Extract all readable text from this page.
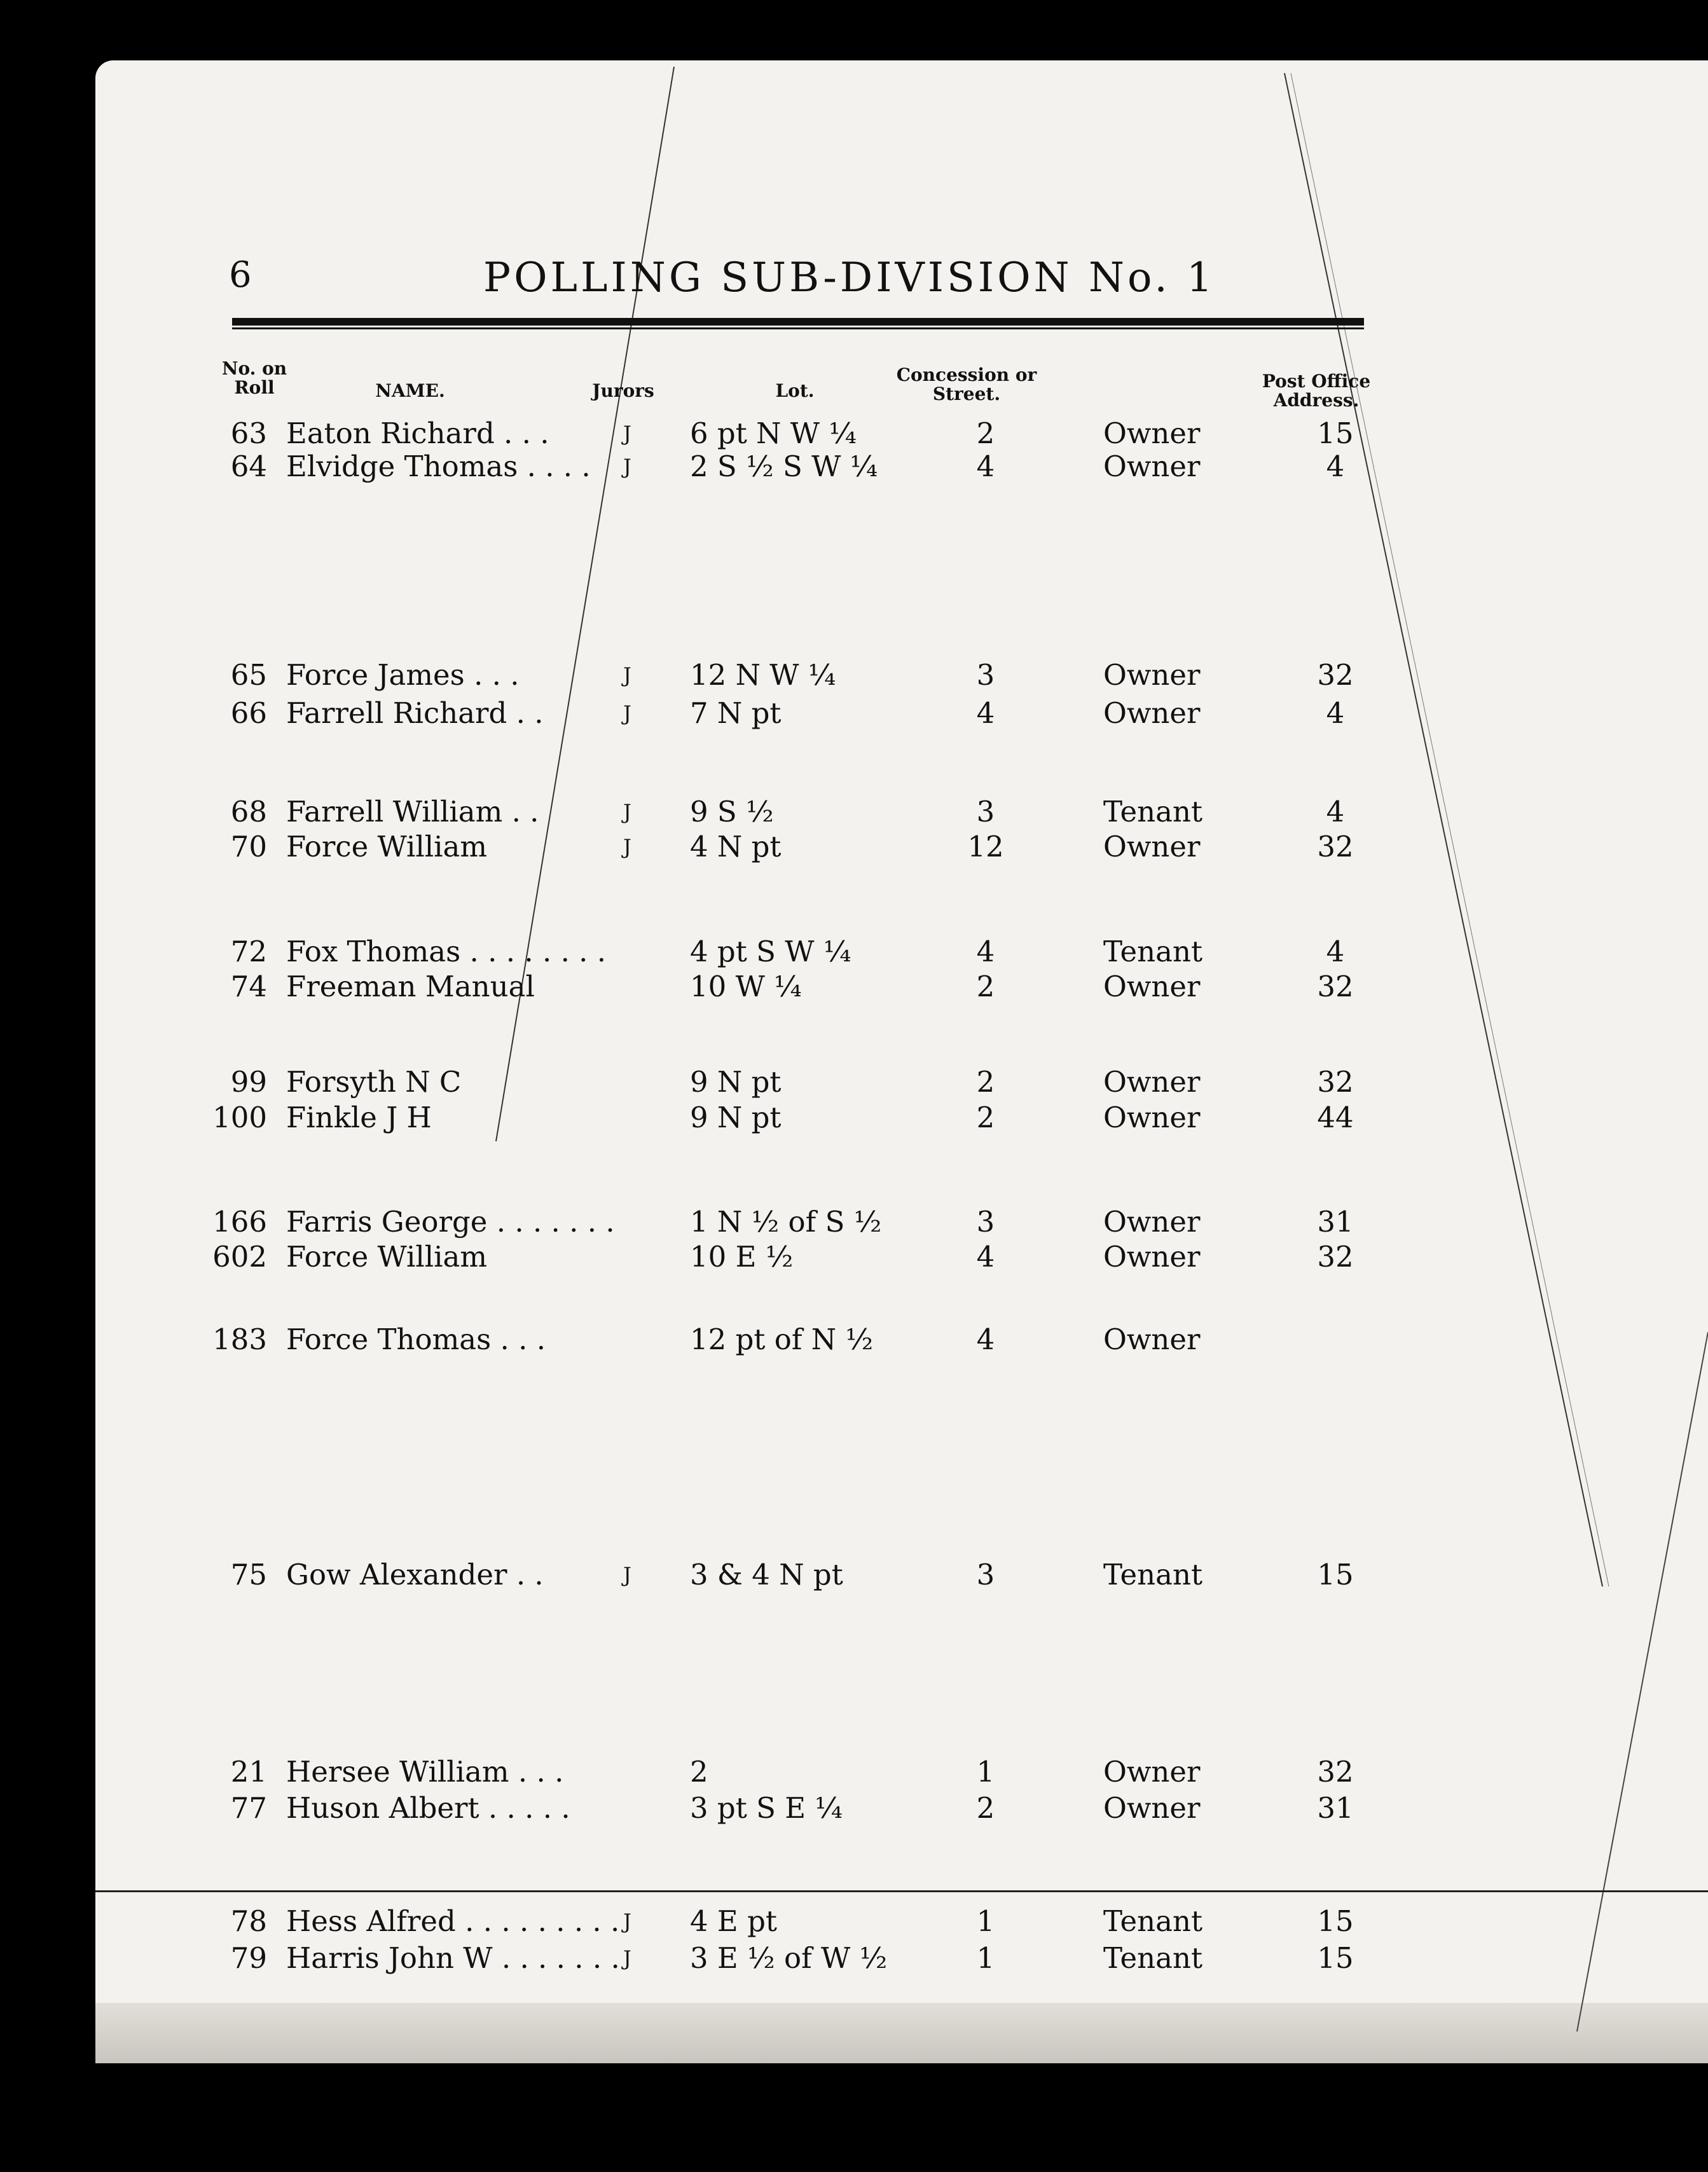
6	POLLING SUB-DIVISION No. 1
No. on Roll	NAME.	Jurors	Lot.
Concession or Street.
Post Office Address.
63 Eaton Richard . . .	J 6 pt N W ¼	2	Owner	15
64 Elvidge Thomas . . . . J 2 S ½ S W ¼	4	Owner	4
65 Force James . . .	J 12 N W ¼	3	Owner	32
66 Farrell Richard . .	J 7 N pt	4	Owner	4
68 Farrell William . .	J 9 S ½	3	Tenant	4
70 Force William	J 4 N pt	12	Owner	32
72 Fox Thomas . . . . . . . .	4 pt S W ¼	4	Tenant	4
74 Freeman Manual	10 W ¼	2	Owner	32
99 Forsyth N C	9 N pt	2	Owner	32
100 Finkle J H	9 N pt	2	Owner	44
166 Farris George . . . . . . .	1 N ½ of S ½	3	Owner	31
602 Force William	10 E ½	4	Owner	32
183 Force Thomas . . .	12 pt of N ½	4	Owner
75 Gow Alexander . .	J 3 & 4 N pt	3	Tenant	15
21 Hersee William . . .	2	1	Owner	32
77 Huson Albert . . . . .	3 pt S E ¼	2	Owner	31
78 Hess Alfred . . . . . . . . . J 4 E pt	1	Tenant	15
79 Harris John W . . . . . . . J 3 E ½ of W ½	1	Tenant	15
